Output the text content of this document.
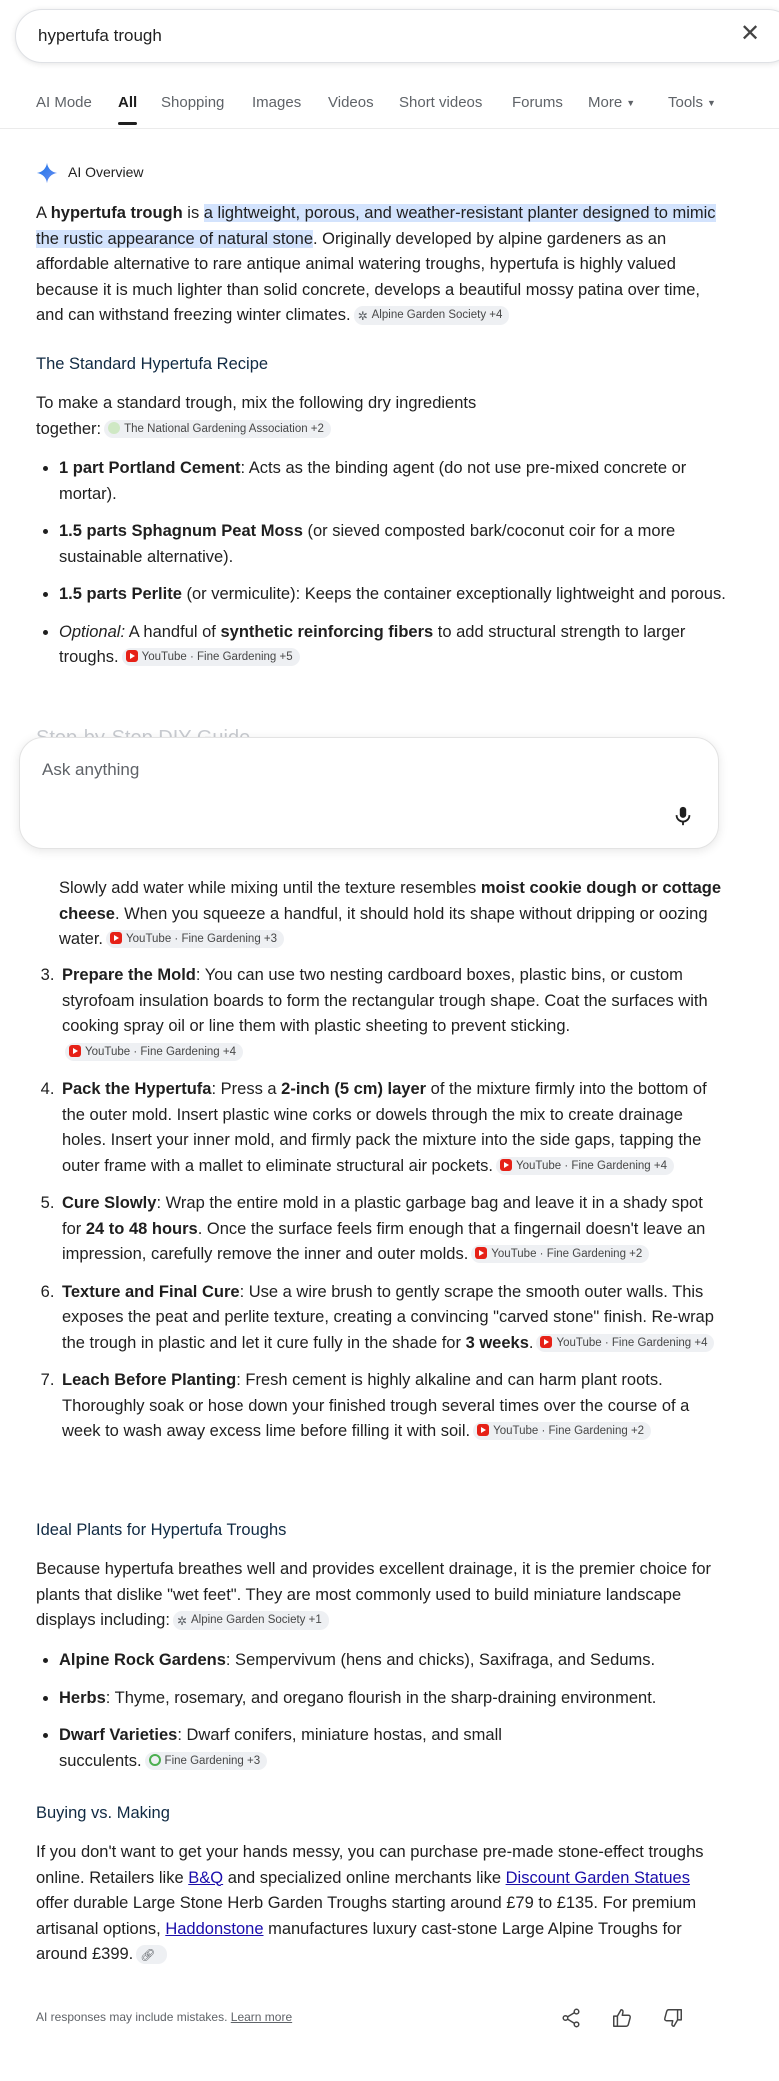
hypertufa trough	✕
AI Mode All Shopping Images Videos Short videos Forums More ▼ Tools ▼
AI Overview

A hypertufa trough is a lightweight, porous, and weather-resistant planter designed to mimic the rustic appearance of natural stone. Originally developed by alpine gardeners as an affordable alternative to rare antique animal watering troughs, hypertufa is highly valued because it is much lighter than solid concrete, develops a beautiful mossy patina over time, and can withstand freezing winter climates. ✲ Alpine Garden Society +4

The Standard Hypertufa Recipe

To make a standard trough, mix the following dry ingredients together: The National Gardening Association +2

• 1 part Portland Cement: Acts as the binding agent (do not use pre-mixed concrete or mortar).
• 1.5 parts Sphagnum Peat Moss (or sieved composted bark/coconut coir for a more sustainable alternative).
• 1.5 parts Perlite (or vermiculite): Keeps the container exceptionally lightweight and porous.
• Optional: A handful of synthetic reinforcing fibers to add structural strength to larger troughs. YouTube · Fine Gardening +5
Ask anything

Slowly add water while mixing until the texture resembles moist cookie dough or cottage cheese. When you squeeze a handful, it should hold its shape without dripping or oozing water. YouTube · Fine Gardening +3

3. Prepare the Mold: You can use two nesting cardboard boxes, plastic bins, or custom styrofoam insulation boards to form the rectangular trough shape. Coat the surfaces with cooking spray oil or line them with plastic sheeting to prevent sticking.YouTube · Fine Gardening +4
4. Pack the Hypertufa: Press a 2-inch (5 cm) layer of the mixture firmly into the bottom of the outer mold. Insert plastic wine corks or dowels through the mix to create drainage holes. Insert your inner mold, and firmly pack the mixture into the side gaps, tapping the outer frame with a mallet to eliminate structural air pockets. YouTube · Fine Gardening +4
5. Cure Slowly: Wrap the entire mold in a plastic garbage bag and leave it in a shady spot for 24 to 48 hours. Once the surface feels firm enough that a fingernail doesn't leave an impression, carefully remove the inner and outer molds. YouTube · Fine Gardening +2
6. Texture and Final Cure: Use a wire brush to gently scrape the smooth outer walls. This exposes the peat and perlite texture, creating a convincing "carved stone" finish. Re-wrap the trough in plastic and let it cure fully in the shade for 3 weeks. YouTube · Fine Gardening +4
7. Leach Before Planting: Fresh cement is highly alkaline and can harm plant roots. Thoroughly soak or hose down your finished trough several times over the course of a week to wash away excess lime before filling it with soil. YouTube · Fine Gardening +2
Ideal Plants for Hypertufa Troughs

Because hypertufa breathes well and provides excellent drainage, it is the premier choice for plants that dislike "wet feet". They are most commonly used to build miniature landscape displays including: ✲ Alpine Garden Society +1

• Alpine Rock Gardens: Sempervivum (hens and chicks), Saxifraga, and Sedums.
• Herbs: Thyme, rosemary, and oregano flourish in the sharp-draining environment.
• Dwarf Varieties: Dwarf conifers, miniature hostas, and small succulents. Fine Gardening +3
Buying vs. Making

If you don't want to get your hands messy, you can purchase pre-made stone-effect troughs online. Retailers like B&Q and specialized online merchants like Discount Garden Statues offer durable Large Stone Herb Garden Troughs starting around £79 to £135. For premium artisanal options, Haddonstone manufactures luxury cast-stone Large Alpine Troughs for around £399. 🔗︎

AI responses may include mistakes. Learn more
